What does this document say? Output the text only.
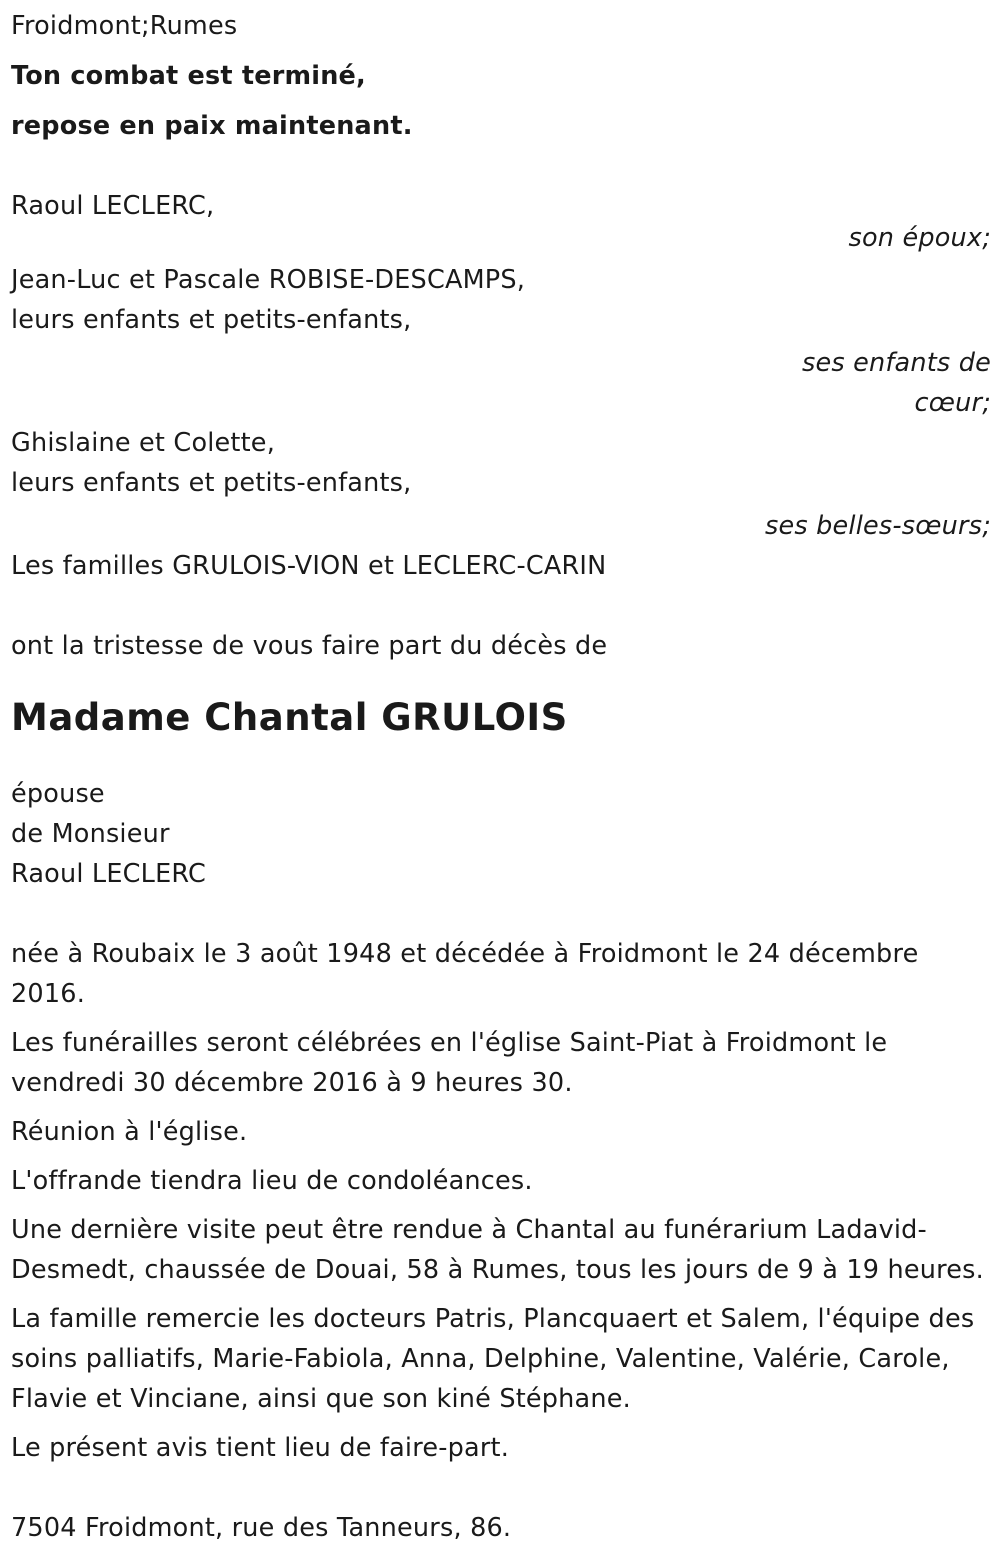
Froidmont;Rumes
Ton combat est terminé,
repose en paix maintenant.
Raoul LECLERC,
son époux;
Jean-Luc et Pascale ROBISE-DESCAMPS,
leurs enfants et petits-enfants,
ses enfants de
cœur;
Ghislaine et Colette,
leurs enfants et petits-enfants,
ses belles-sœurs;
Les familles GRULOIS-VION et LECLERC-CARIN
ont la tristesse de vous faire part du décès de
Madame Chantal GRULOIS
épouse
de Monsieur
Raoul LECLERC
née à Roubaix le 3 août 1948 et décédée à Froidmont le 24 décembre 2016.
Les funérailles seront célébrées en l'église Saint-Piat à Froidmont le vendredi 30 décembre 2016 à 9 heures 30.
Réunion à l'église.
L'offrande tiendra lieu de condoléances.
Une dernière visite peut être rendue à Chantal au funérarium Ladavid-Desmedt, chaussée de Douai, 58 à Rumes, tous les jours de 9 à 19 heures.
La famille remercie les docteurs Patris, Plancquaert et Salem, l'équipe des soins palliatifs, Marie-Fabiola, Anna, Delphine, Valentine, Valérie, Carole, Flavie et Vinciane, ainsi que son kiné Stéphane.
Le présent avis tient lieu de faire-part.
7504 Froidmont, rue des Tanneurs, 86.
